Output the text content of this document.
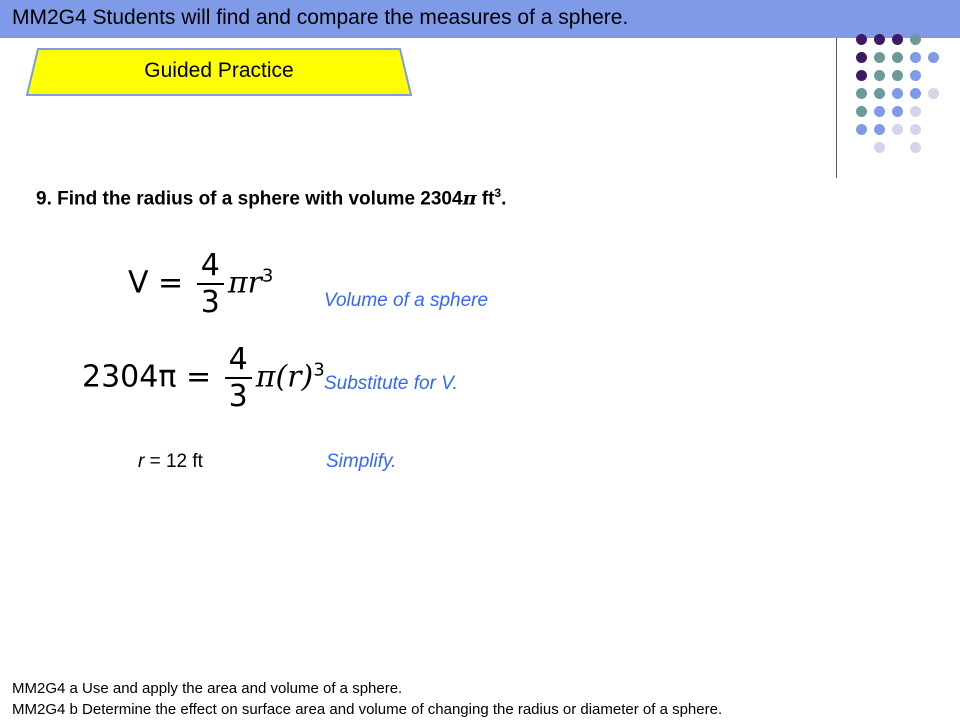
MM2G4 Students will find and compare the measures of a sphere.
Guided Practice
9. Find the radius of a sphere with volume 2304π $ft^3$.
$V = \frac{4}{3} \pi r^3$
Volume of a sphere
$2304\pi = \frac{4}{3} \pi(r)^3$
Substitute for V.
r = 12 ft	Simplify.
MM2G4 a Use and apply the area and volume of a sphere.
MM2G4 b Determine the effect on surface area and volume of changing the radius or diameter of a sphere.
